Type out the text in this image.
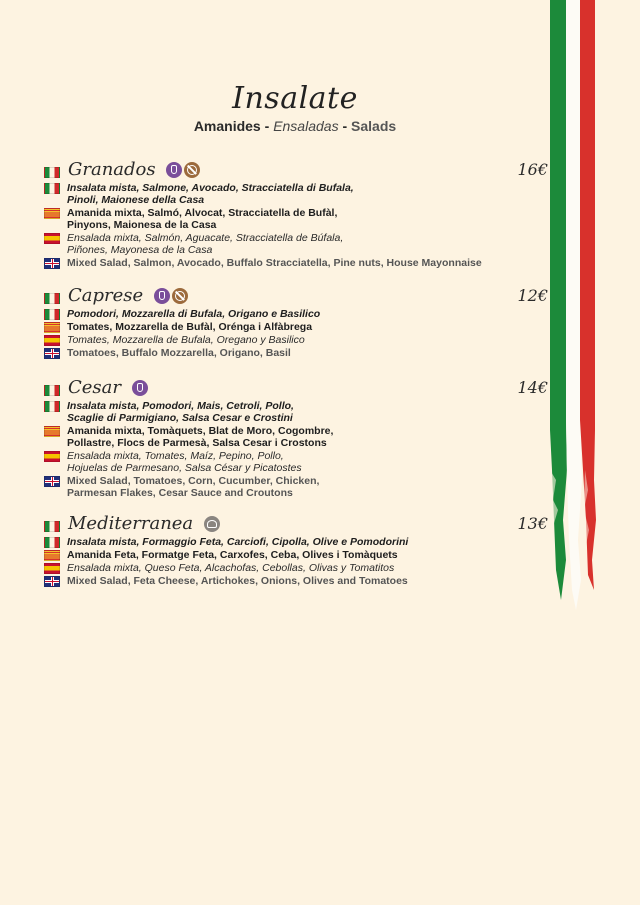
Insalate
Amanides - Ensaladas - Salads
Granados	16€
Insalata mista, Salmone, Avocado, Stracciatella di Bufala,
Pinoli, Maionese della Casa
Amanida mixta, Salmó, Alvocat, Stracciatella de Bufàl,
Pinyons, Maionesa de la Casa
Ensalada mixta, Salmón, Aguacate, Stracciatella de Búfala,
Piñones, Mayonesa de la Casa
Mixed Salad, Salmon, Avocado, Buffalo Stracciatella, Pine nuts, House Mayonnaise
Caprese	12€
Pomodori, Mozzarella di Bufala, Origano e Basilico
Tomates, Mozzarella de Bufàl, Orénga i Alfàbrega
Tomates, Mozzarella de Bufala, Oregano y Basilico
Tomatoes, Buffalo Mozzarella, Origano, Basil
Cesar	14€
Insalata mista, Pomodori, Mais, Cetroli, Pollo,
Scaglie di Parmigiano, Salsa Cesar e Crostini
Amanida mixta, Tomàquets, Blat de Moro, Cogombre,
Pollastre, Flocs de Parmesà, Salsa Cesar i Crostons
Ensalada mixta, Tomates, Maíz, Pepino, Pollo,
Hojuelas de Parmesano, Salsa César y Picatostes
Mixed Salad, Tomatoes, Corn, Cucumber, Chicken,
Parmesan Flakes, Cesar Sauce and Croutons
Mediterranea	13€
Insalata mista, Formaggio Feta, Carciofi, Cipolla, Olive e Pomodorini
Amanida Feta, Formatge Feta, Carxofes, Ceba, Olives i Tomàquets
Ensalada mixta, Queso Feta, Alcachofas, Cebollas, Olivas y Tomatitos
Mixed Salad, Feta Cheese, Artichokes, Onions, Olives and Tomatoes
